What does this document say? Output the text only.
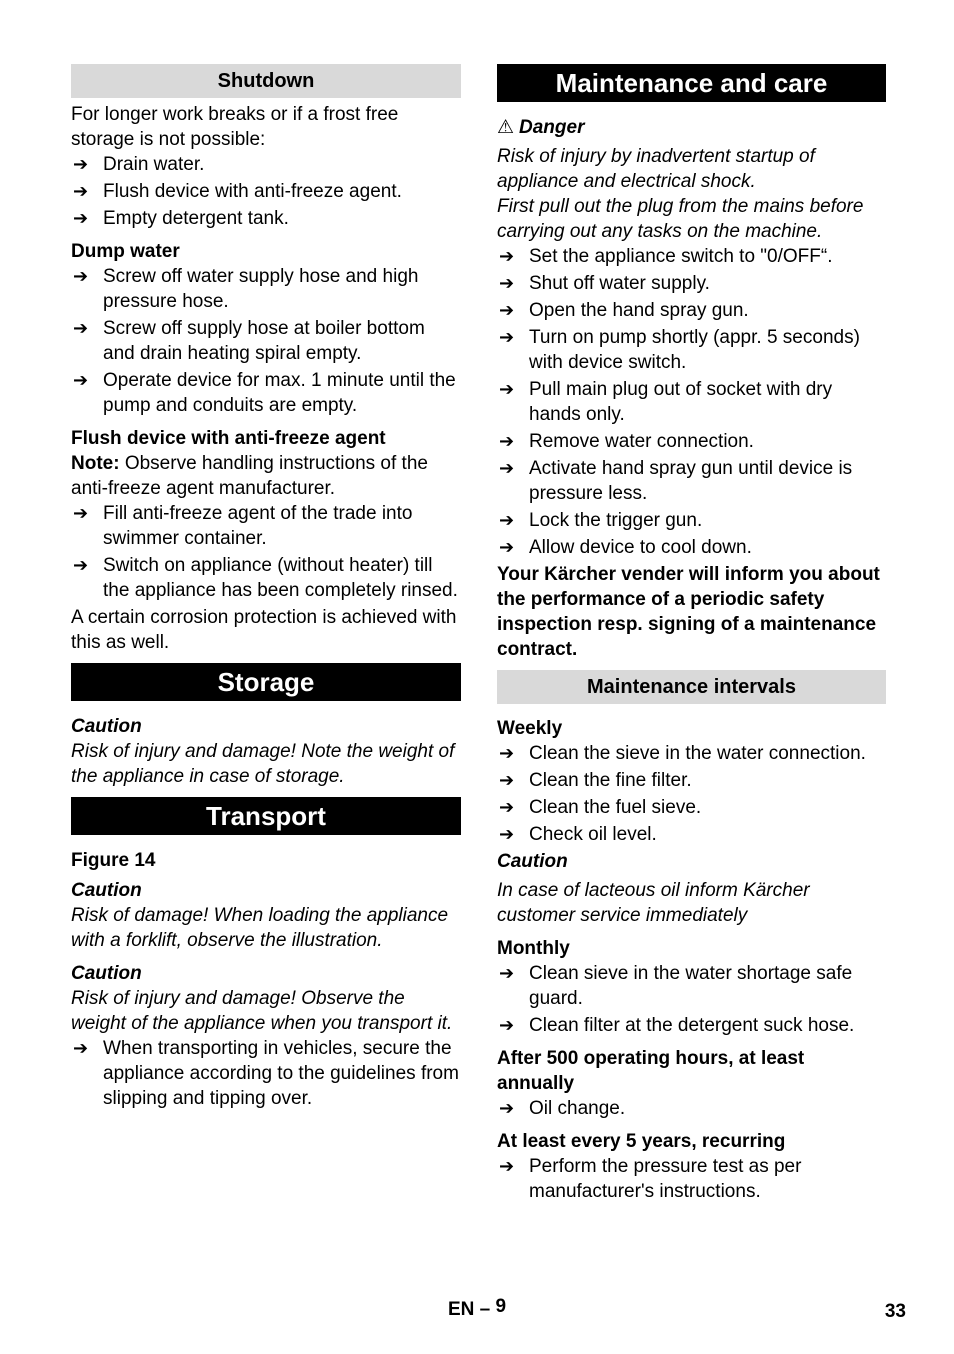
Shutdown

For longer work breaks or if a frost free storage is not possible:

➔ Drain water.
➔ Flush device with anti-freeze agent.
➔ Empty detergent tank.

Dump water

➔ Screw off water supply hose and high pressure hose.
➔ Screw off supply hose at boiler bottom and drain heating spiral empty.
➔ Operate device for max. 1 minute until the pump and conduits are empty.

Flush device with anti-freeze agent

Note: Observe handling instructions of the anti-freeze agent manufacturer.

➔ Fill anti-freeze agent of the trade into swimmer container.
➔ Switch on appliance (without heater) till the appliance has been completely rinsed.

A certain corrosion protection is achieved with this as well.

Storage

Caution

Risk of injury and damage! Note the weight of the appliance in case of storage.

Transport

Figure 14

Caution

Risk of damage! When loading the appliance with a forklift, observe the illustration.

Caution

Risk of injury and damage! Observe the weight of the appliance when you transport it.

➔ When transporting in vehicles, secure the appliance according to the guidelines from slipping and tipping over.
Maintenance and care

⚠ Danger

Risk of injury by inadvertent startup of appliance and electrical shock.

First pull out the plug from the mains before carrying out any tasks on the machine.

➔ Set the appliance switch to "0/OFF“.
➔ Shut off water supply.
➔ Open the hand spray gun.
➔ Turn on pump shortly (appr. 5 seconds) with device switch.
➔ Pull main plug out of socket with dry hands only.
➔ Remove water connection.
➔ Activate hand spray gun until device is pressure less.
➔ Lock the trigger gun.
➔ Allow device to cool down.

Your Kärcher vender will inform you about the performance of a periodic safety inspection resp. signing of a maintenance contract.

Maintenance intervals

Weekly

➔ Clean the sieve in the water connection.
➔ Clean the fine filter.
➔ Clean the fuel sieve.
➔ Check oil level.

Caution

In case of lacteous oil inform Kärcher customer service immediately

Monthly

➔ Clean sieve in the water shortage safe guard.
➔ Clean filter at the detergent suck hose.

After 500 operating hours, at least annually

➔ Oil change.

At least every 5 years, recurring

➔ Perform the pressure test as per manufacturer's instructions.
EN – 9	33
